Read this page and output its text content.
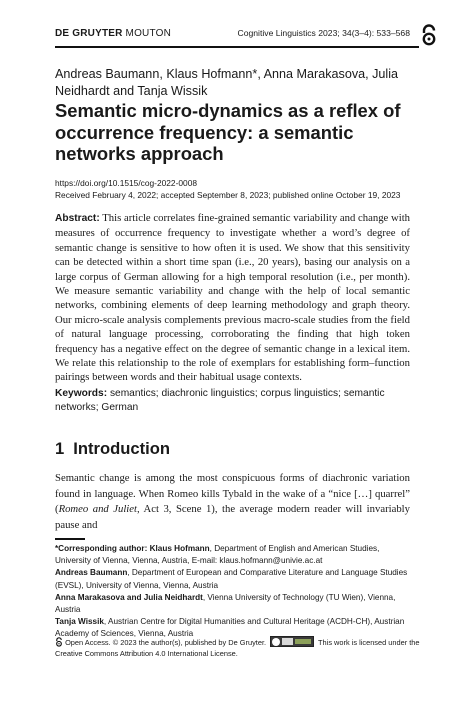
DE GRUYTER MOUTON	Cognitive Linguistics 2023; 34(3–4): 533–568
Andreas Baumann, Klaus Hofmann*, Anna Marakasova, Julia Neidhardt and Tanja Wissik
Semantic micro-dynamics as a reflex of occurrence frequency: a semantic networks approach
https://doi.org/10.1515/cog-2022-0008
Received February 4, 2022; accepted September 8, 2023; published online October 19, 2023
Abstract: This article correlates fine-grained semantic variability and change with measures of occurrence frequency to investigate whether a word’s degree of semantic change is sensitive to how often it is used. We show that this sensitivity can be detected within a short time span (i.e., 20 years), basing our analysis on a large corpus of German allowing for a high temporal resolution (i.e., per month). We measure semantic variability and change with the help of local semantic networks, combining elements of deep learning methodology and graph theory. Our micro-scale analysis complements previous macro-scale studies from the field of natural language processing, corroborating the finding that high token frequency has a negative effect on the degree of semantic change in a lexical item. We relate this relationship to the role of exemplars for establishing form–function pairings between words and their habitual usage contexts.
Keywords: semantics; diachronic linguistics; corpus linguistics; semantic networks; German
1 Introduction
Semantic change is among the most conspicuous forms of diachronic variation found in language. When Romeo kills Tybald in the wake of a “nice […] quarrel” (Romeo and Juliet, Act 3, Scene 1), the average modern reader will invariably pause and

*Corresponding author: Klaus Hofmann, Department of English and American Studies, University of Vienna, Vienna, Austria, E-mail: klaus.hofmann@univie.ac.at

Andreas Baumann, Department of European and Comparative Literature and Language Studies (EVSL), University of Vienna, Vienna, Austria

Anna Marakasova and Julia Neidhardt, Vienna University of Technology (TU Wien), Vienna, Austria

Tanja Wissik, Austrian Centre for Digital Humanities and Cultural Heritage (ACDH-CH), Austrian Academy of Sciences, Vienna, Austria

Open Access. © 2023 the author(s), published by De Gruyter.	This work is licensed under the Creative Commons Attribution 4.0 International License.
